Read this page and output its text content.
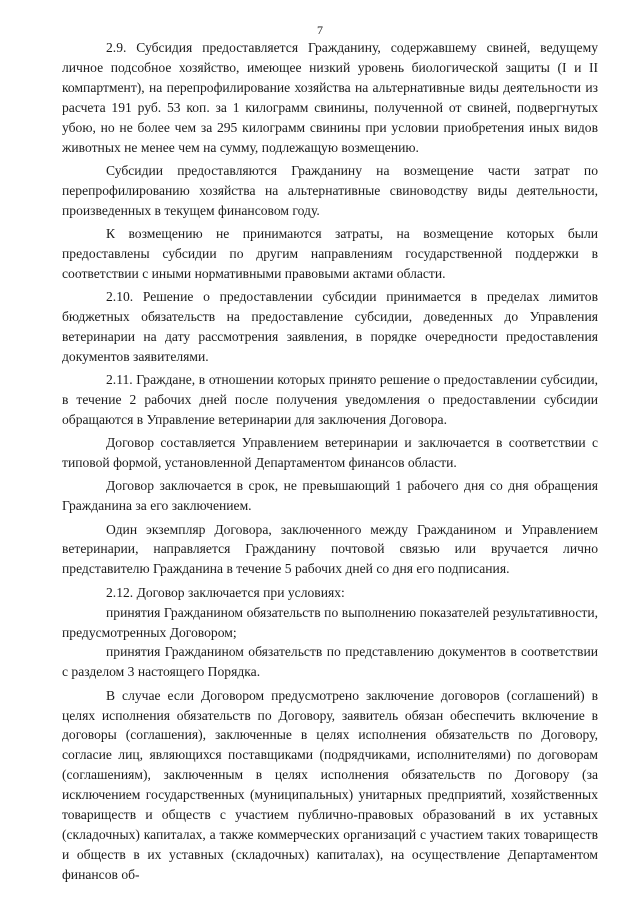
7

2.9. Субсидия предоставляется Гражданину, содержавшему свиней, ведущему личное подсобное хозяйство, имеющее низкий уровень биологической защиты (I и II компартмент), на перепрофилирование хозяйства на альтернативные виды деятельности из расчета 191 руб. 53 коп. за 1 килограмм свинины, полученной от свиней, подвергнутых убою, но не более чем за 295 килограмм свинины при условии приобретения иных видов животных не менее чем на сумму, подлежащую возмещению.

Субсидии предоставляются Гражданину на возмещение части затрат по перепрофилированию хозяйства на альтернативные свиноводству виды деятельности, произведенных в текущем финансовом году.

К возмещению не принимаются затраты, на возмещение которых были предоставлены субсидии по другим направлениям государственной поддержки в соответствии с иными нормативными правовыми актами области.

2.10. Решение о предоставлении субсидии принимается в пределах лимитов бюджетных обязательств на предоставление субсидии, доведенных до Управления ветеринарии на дату рассмотрения заявления, в порядке очередности предоставления документов заявителями.

2.11. Граждане, в отношении которых принято решение о предоставлении субсидии, в течение 2 рабочих дней после получения уведомления о предоставлении субсидии обращаются в Управление ветеринарии для заключения Договора.

Договор составляется Управлением ветеринарии и заключается в соответствии с типовой формой, установленной Департаментом финансов области.

Договор заключается в срок, не превышающий 1 рабочего дня со дня обращения Гражданина за его заключением.

Один экземпляр Договора, заключенного между Гражданином и Управлением ветеринарии, направляется Гражданину почтовой связью или вручается лично представителю Гражданина в течение 5 рабочих дней со дня его подписания.

2.12. Договор заключается при условиях:

принятия Гражданином обязательств по выполнению показателей результативности, предусмотренных Договором;

принятия Гражданином обязательств по представлению документов в соответствии с разделом 3 настоящего Порядка.

В случае если Договором предусмотрено заключение договоров (соглашений) в целях исполнения обязательств по Договору, заявитель обязан обеспечить включение в договоры (соглашения), заключенные в целях исполнения обязательств по Договору, согласие лиц, являющихся поставщиками (подрядчиками, исполнителями) по договорам (соглашениям), заключенным в целях исполнения обязательств по Договору (за исключением государственных (муниципальных) унитарных предприятий, хозяйственных товариществ и обществ с участием публично-правовых образований в их уставных (складочных) капиталах, а также коммерческих организаций с участием таких товариществ и обществ в их уставных (складочных) капиталах), на осуществление Департаментом финансов об-
